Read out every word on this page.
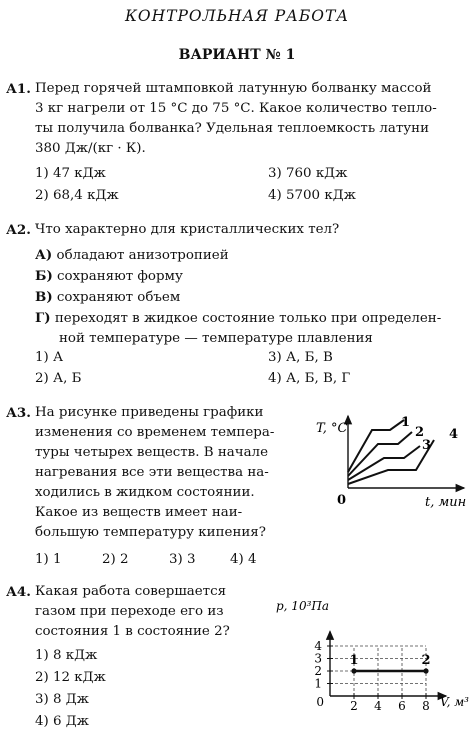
КОНТРОЛЬНАЯ РАБОТА
ВАРИАНТ № 1
А1. Перед горячей штамповкой латунную болванку массой
3 кг нагрели от 15 °С до 75 °С. Какое количество тепло-
ты получила болванка? Удельная теплоемкость латуни
380 Дж/(кг · К).
1) 47 кДж	3) 760 кДж
2) 68,4 кДж	4) 5700 кДж
А2. Что характерно для кристаллических тел?
А) обладают анизотропией
Б) сохраняют форму
В) сохраняют объем
Г) переходят в жидкое состояние только при определен-
ной температуре — температуре плавления
1) А	3) А, Б, В
2) А, Б	4) А, Б, В, Г
А3. На рисунке приведены графики
изменения со временем темпера-
туры четырех веществ. В начале
нагревания все эти вещества на-
ходились в жидком состоянии.
Какое из веществ имеет наи-
большую температуру кипения?
1) 1	2) 2	3) 3	4) 4
T, °С
t, мин
0
1
2
3
4
А4. Какая работа совершается
газом при переходе его из
состояния 1 в состояние 2?
1) 8 кДж
2) 12 кДж
3) 8 Дж
4) 6 Дж
2 4 6 8
1
2
3
4
1	2
p, 10³Па
V, м³
0
